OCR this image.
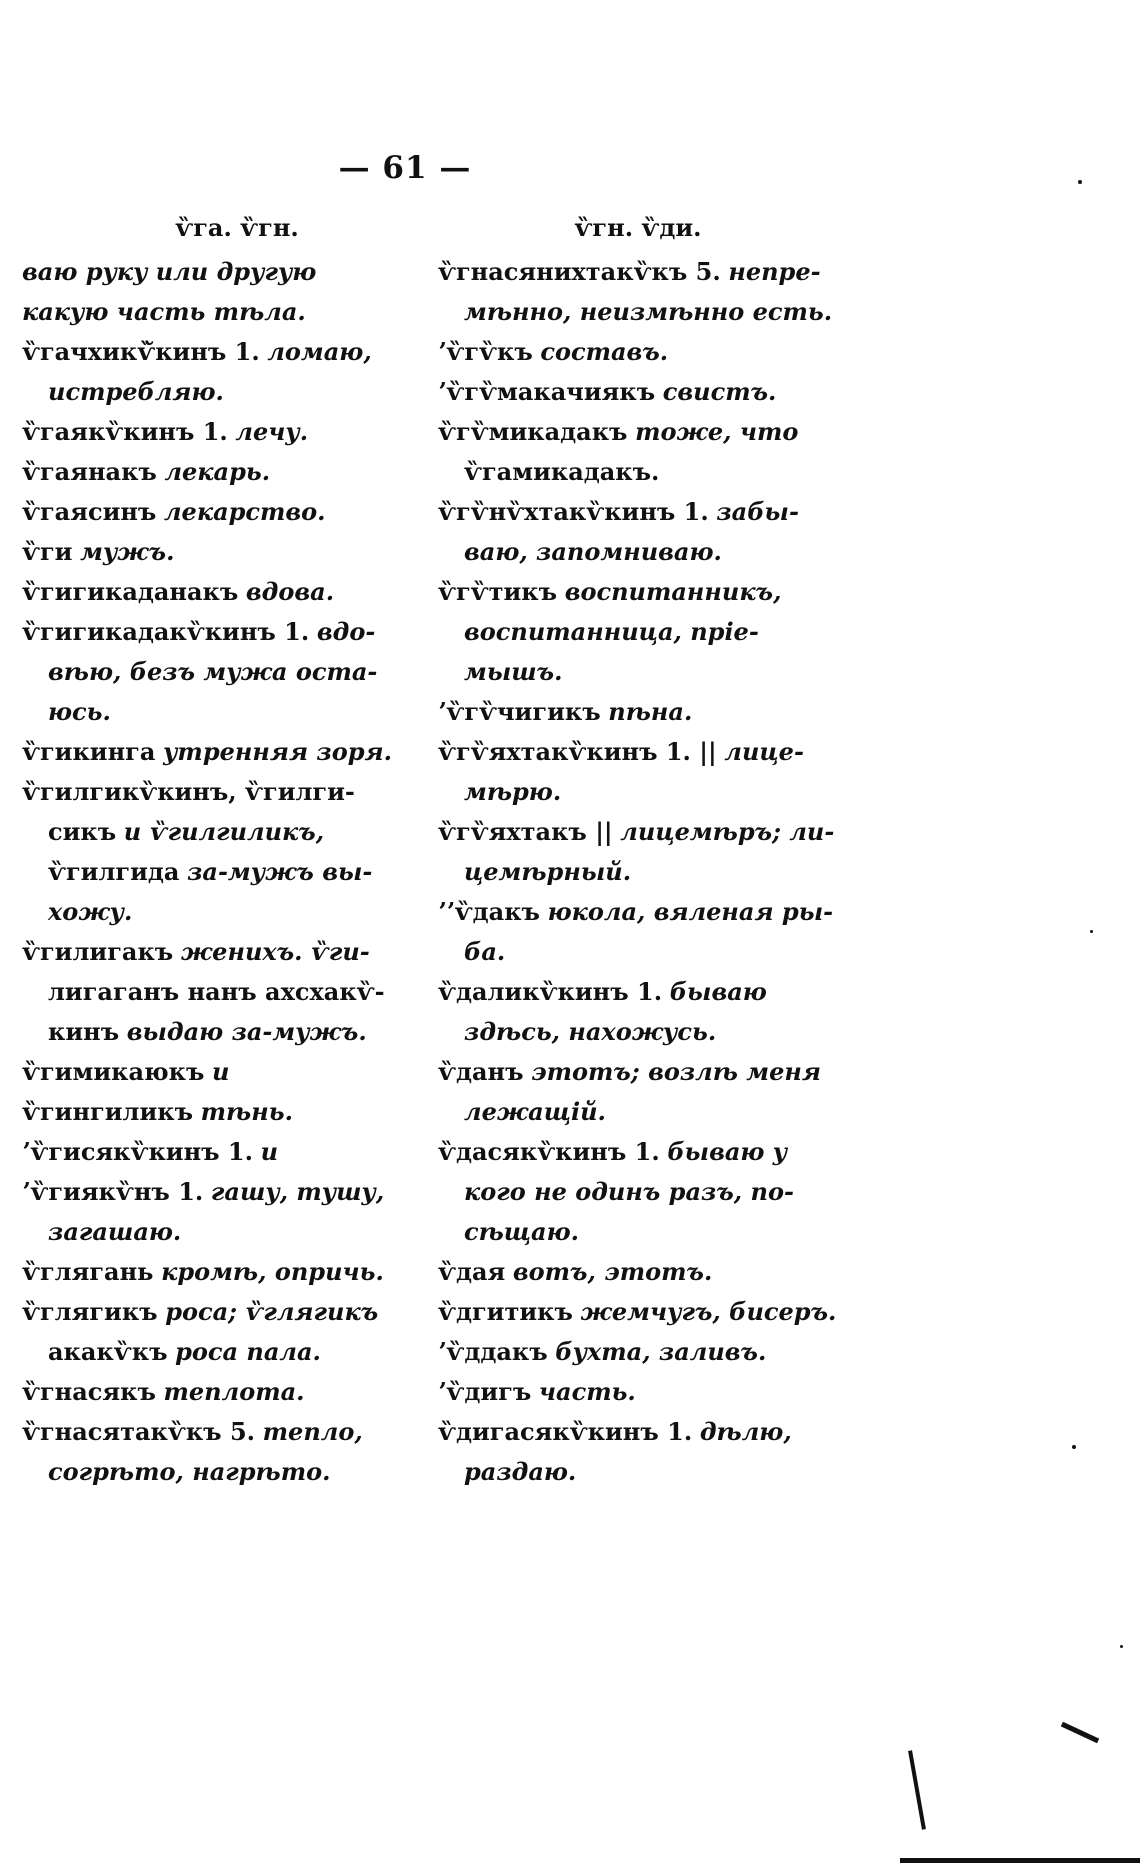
— 61 —
ѷга. ѷгн.
ваю руку или другую
какую часть тѣла.
ѷгачхикѷ̆кинъ 1. ломаю,
истребляю.
ѷгаякѷкинъ 1. лечу.
ѷгаянакъ лекарь.
ѷгаясинъ лекарство.
ѷги мужъ.
ѷгигикаданакъ вдова.
ѷгигикадакѷкинъ 1. вдо-
вѣю, безъ мужа оста-
юсь.
ѷгикинга утренняя зоря.
ѷгилгикѷкинъ, ѷгилги-
сикъ и ѷгилгиликъ,
ѷгилгида за-мужъ вы-
хожу.
ѷгилигакъ женихъ. ѷги-
лигаганъ нанъ ахсхакѷ-
кинъ выдаю за-мужъ.
ѷгимикаюкъ и
ѷгингиликъ тѣнь.
ʼѷгисякѷкинъ 1. и
ʼѷгиякѷнъ 1. гашу, тушу,
загашаю.
ѷглягань кромѣ, опричь.
ѷглягикъ роса; ѷглягикъ
акакѷкъ роса пала.
ѷгнасякъ теплота.
ѷгнасятакѷкъ 5. тепло,
согрѣто, нагрѣто.
ѷгн. ѷди.
ѷгнасянихтакѷкъ 5. непре-
мѣнно, неизмѣнно есть.
ʼѷгѷкъ составъ.
ʼѷгѷмакачиякъ свистъ.
ѷгѷмикадакъ тоже, что
ѷгамикадакъ.
ѷгѷнѷхтакѷкинъ 1. забы-
ваю, запомниваю.
ѷгѷтикъ воспитанникъ,
воспитанница, прiе-
мышъ.
ʼѷгѷчигикъ пѣна.
ѷгѷяхтакѷкинъ 1. || лице-
мѣрю.
ѷгѷяхтакъ || лицемѣръ; ли-
цемѣрный.
ʼʼѷдакъ юкола, вяленая ры-
ба.
ѷдаликѷкинъ 1. бываю
здѣсь, нахожусь.
ѷданъ этотъ; возлѣ меня
лежащiй.
ѷдасякѷкинъ 1. бываю у
кого не одинъ разъ, по-
сѣщаю.
ѷдая вотъ, этотъ.
ѷдгитикъ жемчугъ, бисеръ.
ʼѷддакъ бухта, заливъ.
ʼѷдигъ часть.
ѷдигасякѷкинъ 1. дѣлю,
раздаю.
